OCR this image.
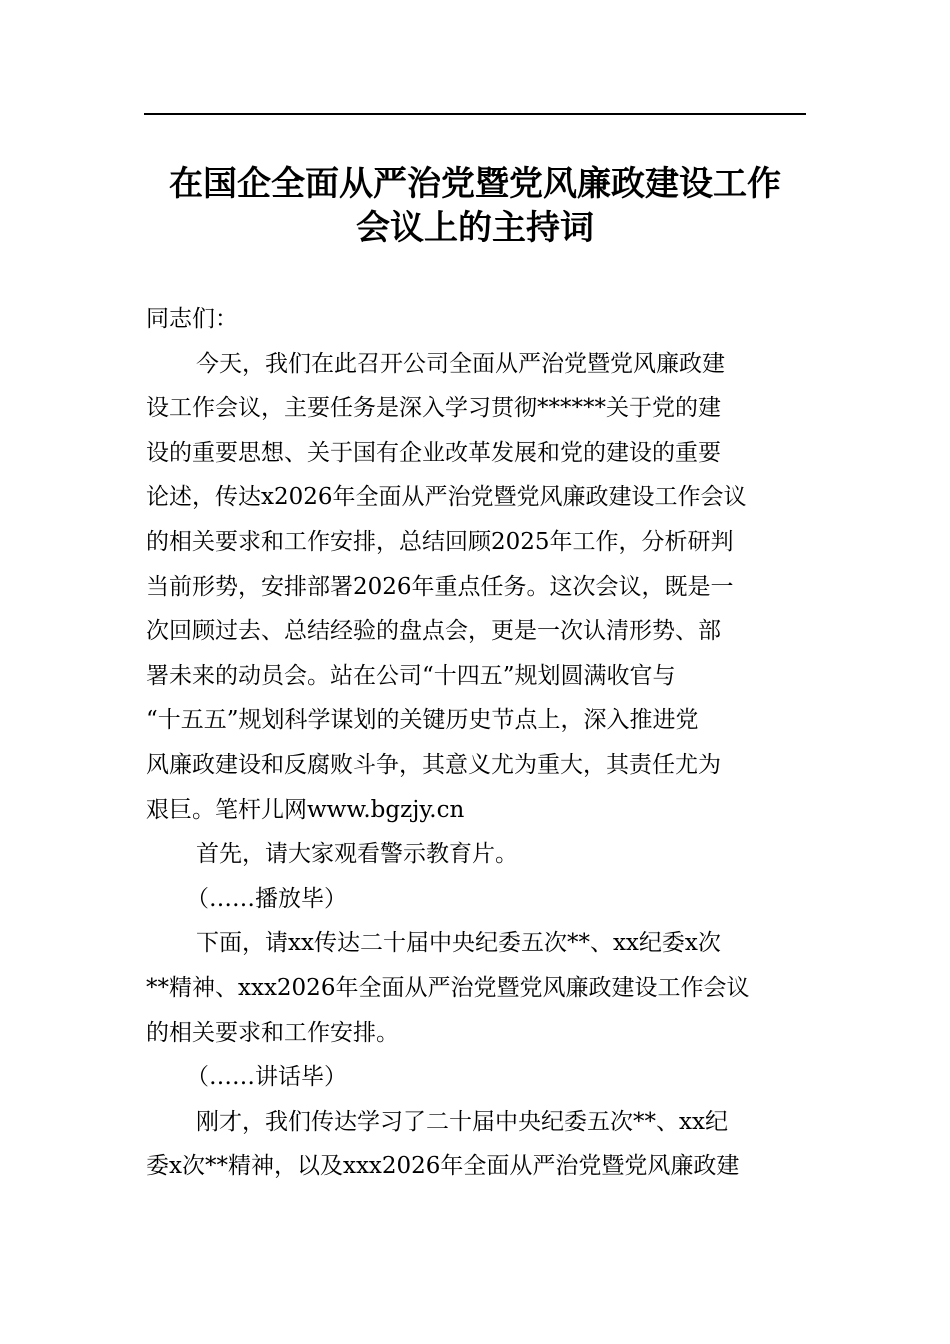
在国企全面从严治党暨党风廉政建设工作
会议上的主持词
同志们：
今天，我们在此召开公司全面从严治党暨党风廉政建
设工作会议，主要任务是深入学习贯彻******关于党的建
设的重要思想、关于国有企业改革发展和党的建设的重要
论述，传达x2026年全面从严治党暨党风廉政建设工作会议
的相关要求和工作安排，总结回顾2025年工作，分析研判
当前形势，安排部署2026年重点任务。这次会议，既是一
次回顾过去、总结经验的盘点会，更是一次认清形势、部
署未来的动员会。站在公司“十四五”规划圆满收官与
“十五五”规划科学谋划的关键历史节点上，深入推进党
风廉政建设和反腐败斗争，其意义尤为重大，其责任尤为
艰巨。笔杆儿网www.bgzjy.cn
首先，请大家观看警示教育片。
（……播放毕）
下面，请xx传达二十届中央纪委五次**、xx纪委x次
**精神、xxx2026年全面从严治党暨党风廉政建设工作会议
的相关要求和工作安排。
（……讲话毕）
刚才，我们传达学习了二十届中央纪委五次**、xx纪
委x次**精神，以及xxx2026年全面从严治党暨党风廉政建
